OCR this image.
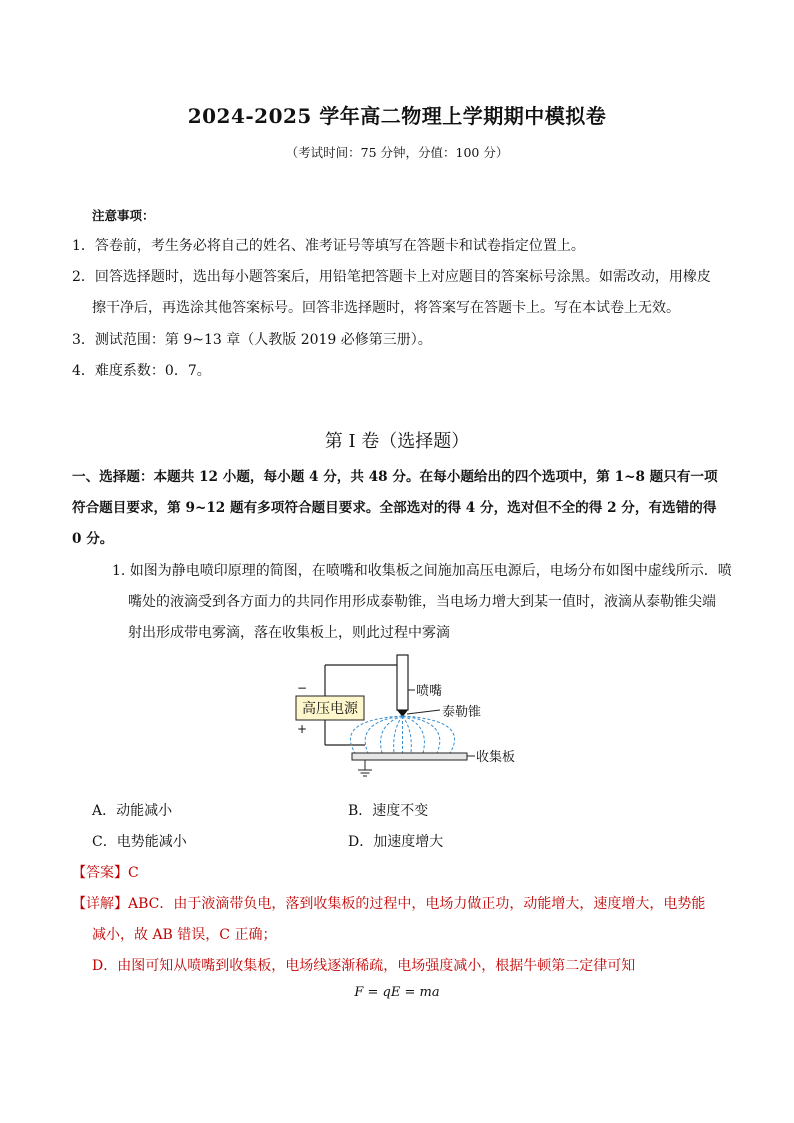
2024-2025 学年高二物理上学期期中模拟卷
（考试时间：75 分钟，分值：100 分）
注意事项：
1．答卷前，考生务必将自己的姓名、准考证号等填写在答题卡和试卷指定位置上。
2．回答选择题时，选出每小题答案后，用铅笔把答题卡上对应题目的答案标号涂黑。如需改动，用橡皮
擦干净后，再选涂其他答案标号。回答非选择题时，将答案写在答题卡上。写在本试卷上无效。
3．测试范围：第 9~13 章（人教版 2019 必修第三册）。
4．难度系数：0．7。
第 I 卷（选择题）
一、选择题：本题共 12 小题，每小题 4 分，共 48 分。在每小题给出的四个选项中，第 1~8 题只有一项
符合题目要求，第 9~12 题有多项符合题目要求。全部选对的得 4 分，选对但不全的得 2 分，有选错的得
0 分。
1. 如图为静电喷印原理的简图，在喷嘴和收集板之间施加高压电源后，电场分布如图中虚线所示．喷
嘴处的液滴受到各方面力的共同作用形成泰勒锥，当电场力增大到某一值时，液滴从泰勒锥尖端
射出形成带电雾滴，落在收集板上，则此过程中雾滴
高压电源
−
+
喷嘴
泰勒锥
收集板
A．动能减小	B．速度不变
C．电势能减小	D．加速度增大
【答案】C
【详解】ABC．由于液滴带负电，落到收集板的过程中，电场力做正功，动能增大，速度增大，电势能
减小，故 AB 错误，C 正确；
D．由图可知从喷嘴到收集板，电场线逐渐稀疏，电场强度减小，根据牛顿第二定律可知
F = qE = ma
